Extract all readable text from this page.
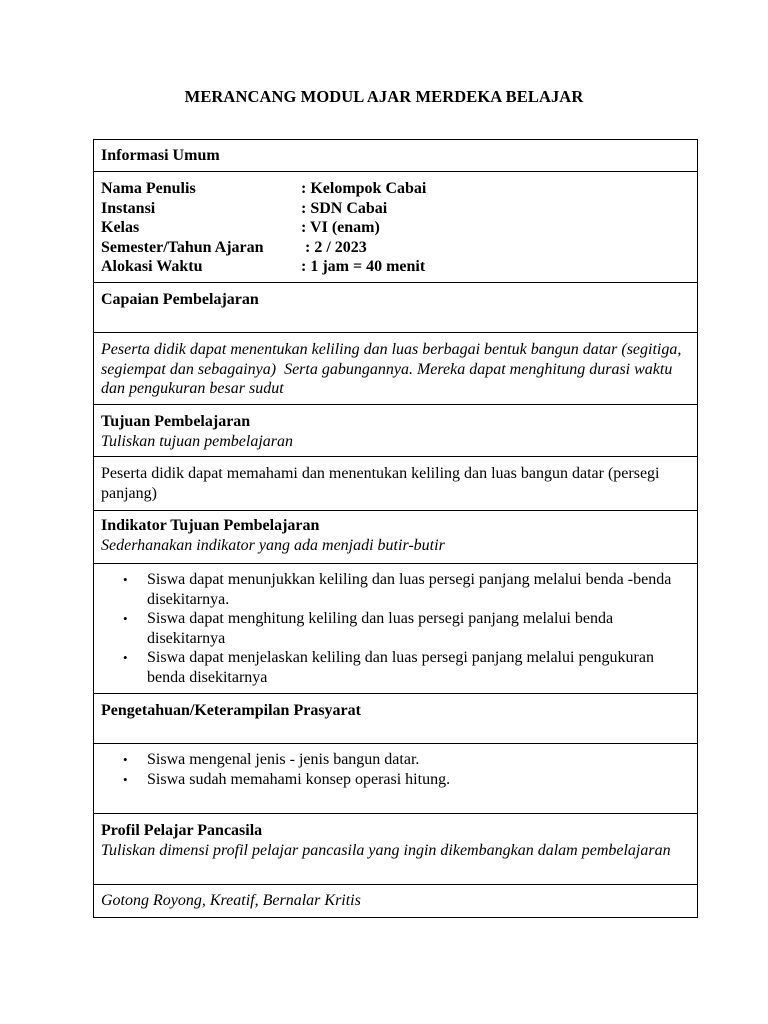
MERANCANG MODUL AJAR MERDEKA BELAJAR
Informasi Umum

Nama Penulis	: Kelompok Cabai
Instansi	: SDN Cabai
Kelas	: VI (enam)
Semester/Tahun Ajaran	: 2 / 2023
Alokasi Waktu	: 1 jam = 40 menit

Capaian Pembelajaran
Peserta didik dapat menentukan keliling dan luas berbagai bentuk bangun datar (segitiga, segiempat dan sebagainya)  Serta gabungannya. Mereka dapat menghitung durasi waktu dan pengukuran besar sudut

Tujuan Pembelajaran
Tuliskan tujuan pembelajaran

Peserta didik dapat memahami dan menentukan keliling dan luas bangun datar (persegi panjang)

Indikator Tujuan Pembelajaran
Sederhanakan indikator yang ada menjadi butir-butir

• Siswa dapat menunjukkan keliling dan luas persegi panjang melalui benda -benda disekitarnya.
• Siswa dapat menghitung keliling dan luas persegi panjang melalui benda disekitarnya
• Siswa dapat menjelaskan keliling dan luas persegi panjang melalui pengukuran benda disekitarnya

Pengetahuan/Keterampilan Prasyarat

• Siswa mengenal jenis - jenis bangun datar.
• Siswa sudah memahami konsep operasi hitung.

Profil Pelajar Pancasila
Tuliskan dimensi profil pelajar pancasila yang ingin dikembangkan dalam pembelajaran

Gotong Royong, Kreatif, Bernalar Kritis
